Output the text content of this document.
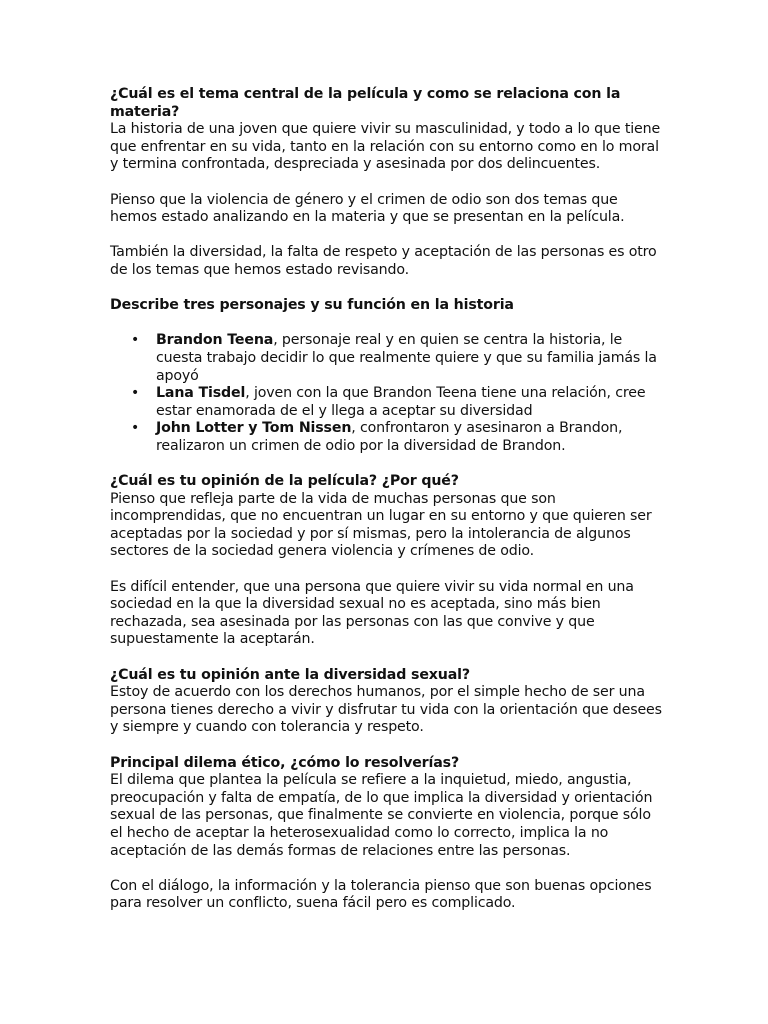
¿Cuál es el tema central de la película y como se relaciona con la materia?

La historia de una joven que quiere vivir su masculinidad, y todo a lo que tiene que enfrentar en su vida, tanto en la relación con su entorno como en lo moral y termina confrontada, despreciada y asesinada por dos delincuentes.

Pienso que la violencia de género y el crimen de odio son dos temas que hemos estado analizando en la materia y que se presentan en la película.

También la diversidad, la falta de respeto y aceptación de las personas es otro de los temas que hemos estado revisando.

Describe tres personajes y su función en la historia

• Brandon Teena, personaje real y en quien se centra la historia, le cuesta trabajo decidir lo que realmente quiere y que su familia jamás la apoyó
• Lana Tisdel, joven con la que Brandon Teena tiene una relación, cree estar enamorada de el y llega a aceptar su diversidad
• John Lotter y Tom Nissen, confrontaron y asesinaron a Brandon, realizaron un crimen de odio por la diversidad de Brandon.

¿Cuál es tu opinión de la película? ¿Por qué?

Pienso que refleja parte de la vida de muchas personas que son incomprendidas, que no encuentran un lugar en su entorno y que quieren ser aceptadas por la sociedad y por sí mismas, pero la intolerancia de algunos sectores de la sociedad genera violencia y crímenes de odio.

Es difícil entender, que una persona que quiere vivir su vida normal en una sociedad en la que la diversidad sexual no es aceptada, sino más bien rechazada, sea asesinada por las personas con las que convive y que supuestamente la aceptarán.

¿Cuál es tu opinión ante la diversidad sexual?

Estoy de acuerdo con los derechos humanos, por el simple hecho de ser una persona tienes derecho a vivir y disfrutar tu vida con la orientación que desees y siempre y cuando con tolerancia y respeto.

Principal dilema ético, ¿cómo lo resolverías?

El dilema que plantea la película se refiere a la inquietud, miedo, angustia, preocupación y falta de empatía, de lo que implica la diversidad y orientación sexual de las personas, que finalmente se convierte en violencia, porque sólo el hecho de aceptar la heterosexualidad como lo correcto, implica la no aceptación de las demás formas de relaciones entre las personas.

Con el diálogo, la información y la tolerancia pienso que son buenas opciones para resolver un conflicto, suena fácil pero es complicado.
